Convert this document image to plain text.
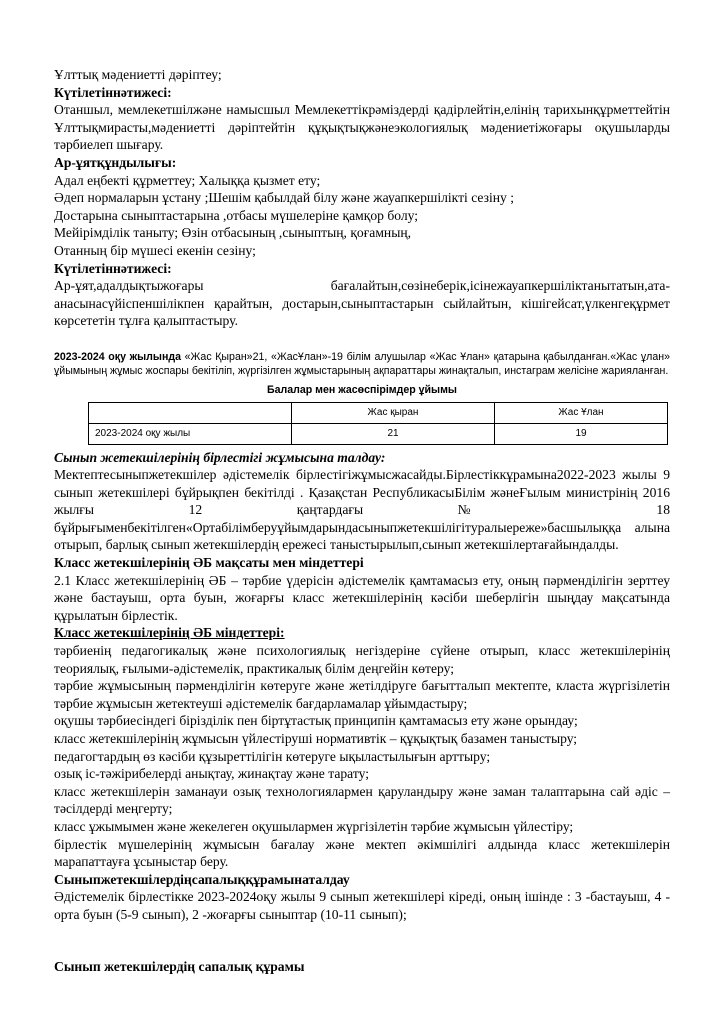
Ұлттық мәдениетті дәріптеу;

Күтілетіннәтижесі:

Отаншыл, мемлекетшілжәне намысшыл Мемлекеттікрәміздерді қадірлейтін,елінің тарихынқұрметтейтін Ұлттықмирасты,мәдениетті дәріптейтін құқықтықжәнеэкологиялық мәдениетіжоғары оқушыларды тәрбиелеп шығару.

Ар-ұятқұндылығы:

Адал еңбекті құрметтеу; Халыққа қызмет ету;

Әдеп нормаларын ұстану ;Шешім қабылдай білу және жауапкершілікті сезіну ;

Достарына сыныптастарына ,отбасы мүшелеріне қамқор болу;

Мейірімділік таныту; Өзін отбасының ,сыныптың, қоғамның,

Отанның бір мүшесі екенін сезіну;

Күтілетіннәтижесі:

Ар-ұят,адалдықтыжоғары бағалайтын,сөзінеберік,ісінежауапкершіліктанытатын,ата-анасынасүйіспеншілікпен қарайтын, достарын,сыныптастарын сыйлайтын, кішігейсат,үлкенгеқұрмет көрсететін тұлға қалыптастыру.

2023-2024 оқу жылында «Жас Қыран»21, «ЖасҰлан»-19 білім алушылар «Жас Ұлан» қатарына қабылданған.«Жас ұлан» ұйымының жұмыс жоспары бекітіліп, жүргізілген жұмыстарының ақпараттары жинақталып, инстаграм желісіне жарияланған.

Балалар мен жасөспірімдер ұйымы
	Жас қыран	Жас Ұлан
2023-2024 оқу жылы	21	19

Сынып жетекшілерінің бірлестігі жұмысына талдау:

Мектептесыныпжетекшілер әдістемелік бірлестігіжұмысжасайды.Бірлестіккұрамына2022-2023 жылы 9 сынып жетекшілері бұйрықпен бекітілді . Қазақстан РеспубликасыБілім жәнеҒылым министрінің 2016 жылғы 12 қаңтардағы № 18 бұйрығыменбекітілген«Ортабілімберуұйымдарындасыныпжетекшілігітуралыереже»басшылыққа алына отырып, барлық сынып жетекшілердің ережесі таныстырылып,сынып жетекшілертағайындалды.

Класс жетекшілерінің ӘБ мақсаты мен міндеттері

2.1 Класс жетекшілерінің ӘБ – тәрбие үдерісін әдістемелік қамтамасыз ету, оның пәрменділігін зерттеу және бастауыш, орта буын, жоғарғы класс жетекшілерінің кәсіби шеберлігін шыңдау мақсатында құрылатын бірлестік.

Класс жетекшілерінің ӘБ міндеттері:

тәрбиенің педагогикалық және психологиялық негіздеріне сүйене отырып, класс жетекшілерінің теориялық, ғылыми-әдістемелік, практикалық білім деңгейін көтеру;

тәрбие жұмысының пәрменділігін көтеруге және жетілдіруге бағытталып мектепте, класта жүргізілетін тәрбие жұмысын жетектеуші әдістемелік бағдарламалар ұйымдастыру;

оқушы тәрбиесіндегі біріздiлік пен біртұтастық принципін қамтамасыз ету және орындау;

класс жетекшілерінің жұмысын үйлестіруші нормативтік – құқықтық базамен таныстыру;

педагогтардың өз кәсіби құзыреттілігін көтеруге ықыластылығын арттыру;

озық іс-тәжірибелерді анықтау, жинақтау және тарату;

класс жетекшілерін заманауи озық технологиялармен қаруландыру және заман талаптарына сай әдіс – тәсілдерді меңгерту;

класс ұжымымен және жекелеген оқушылармен жүргізілетін тәрбие жұмысын үйлестіру;

бірлестік мүшелерінің жұмысын бағалау және мектеп әкімшілігі алдында класс жетекшілерін марапаттауға ұсыныстар беру.

Сыныпжетекшілердіңсапалыққұрамынаталдау

Әдістемелік бірлестікке 2023-2024оқу жылы 9 сынып жетекшілері кіреді, оның ішінде : 3 -бастауыш, 4 - орта буын (5-9 сынып), 2 -жоғарғы сыныптар (10-11 сынып);

Сынып жетекшілердің сапалық құрамы
